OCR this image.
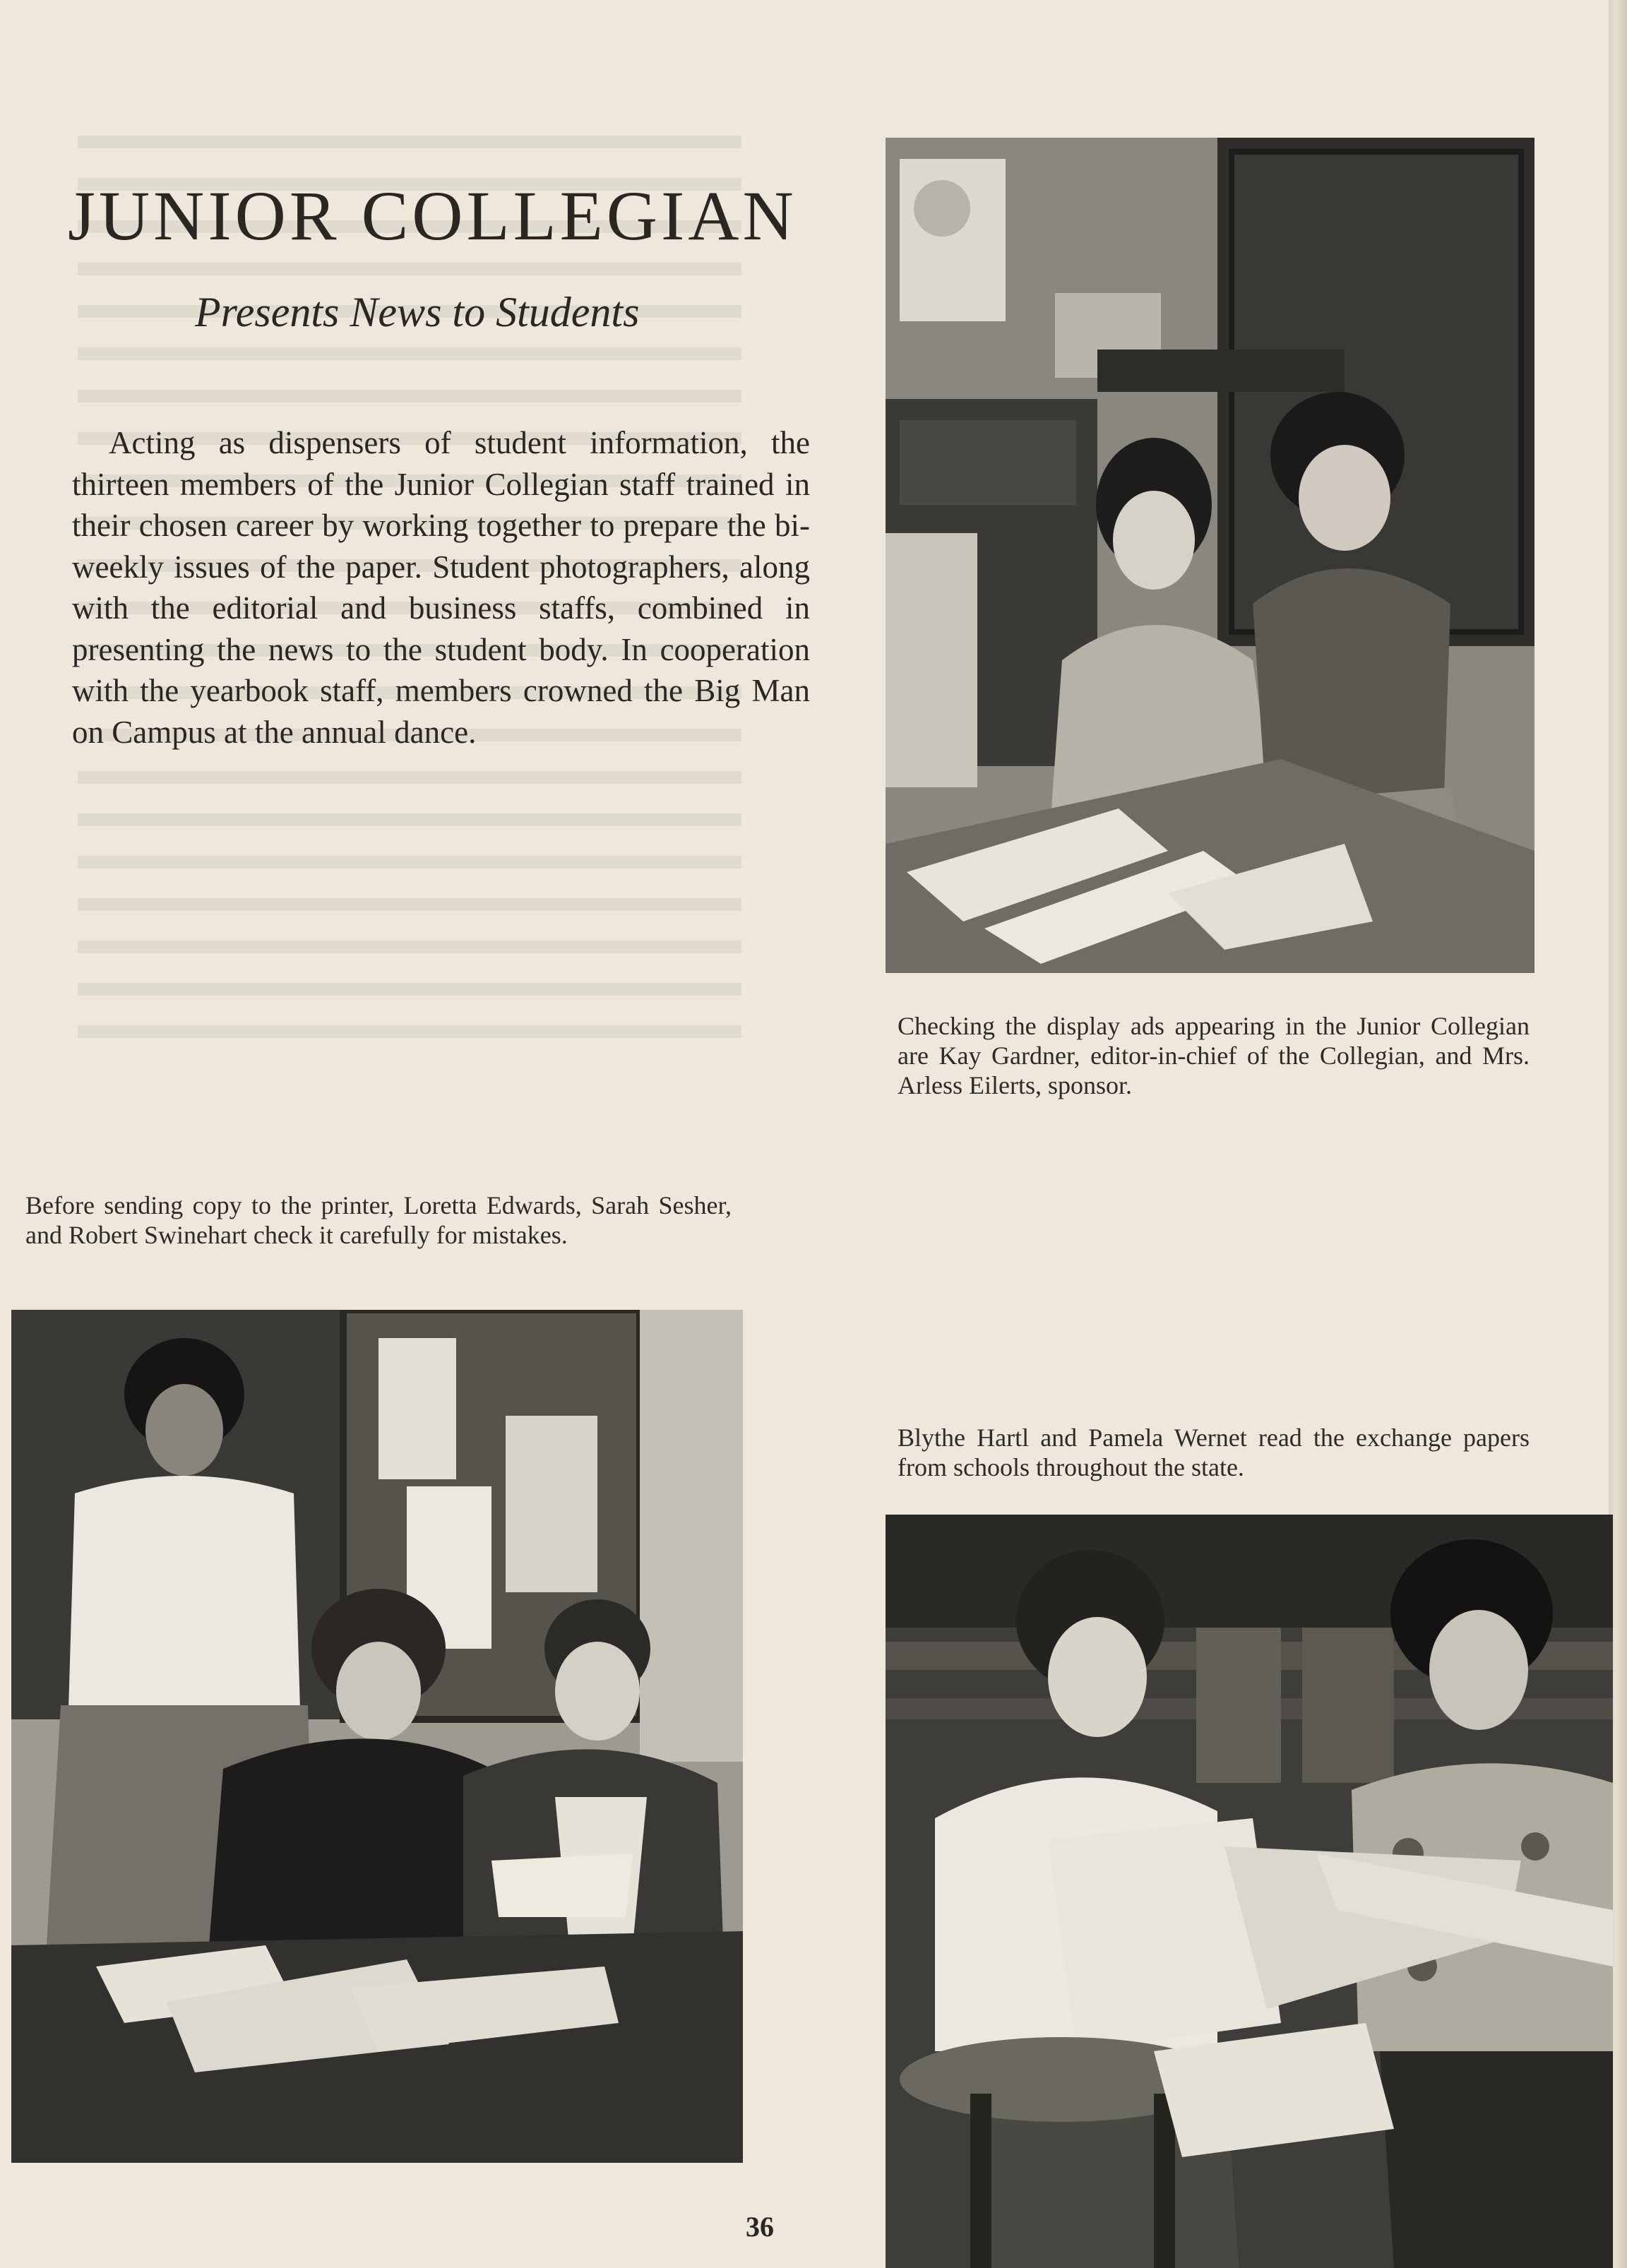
JUNIOR COLLEGIAN
Presents News to Students

Acting as dispensers of student information, the thirteen members of the Junior Collegian staff trained in their chosen career by working together to prepare the bi-weekly issues of the paper. Student photographers, along with the editorial and business staffs, combined in presenting the news to the student body. In cooperation with the yearbook staff, members crowned the Big Man on Campus at the annual dance.

Checking the display ads appearing in the Junior Collegian are Kay Gardner, editor-in-chief of the Collegian, and Mrs. Arless Eilerts, sponsor.

Before sending copy to the printer, Loretta Edwards, Sarah Sesher, and Robert Swinehart check it carefully for mistakes.

Blythe Hartl and Pamela Wernet read the exchange papers from schools throughout the state.

36
